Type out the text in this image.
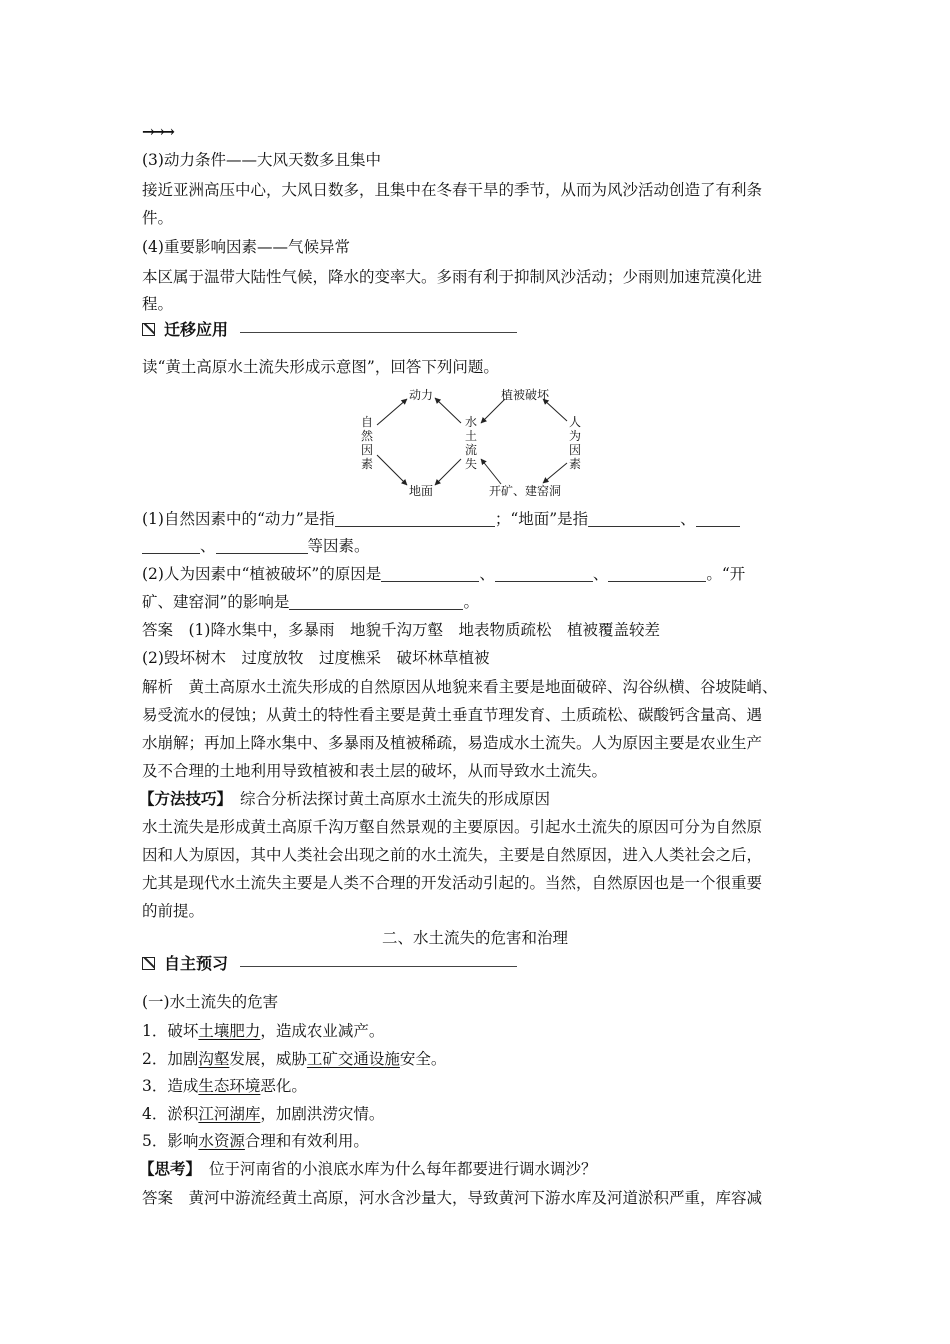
→→→
(3)动力条件——大风天数多且集中
接近亚洲高压中心，大风日数多，且集中在冬春干旱的季节，从而为风沙活动创造了有利条
件。
(4)重要影响因素——气候异常
本区属于温带大陆性气候，降水的变率大。多雨有利于抑制风沙活动；少雨则加速荒漠化进
程。
迁移应用
读“黄土高原水土流失形成示意图”，回答下列问题。
自
然
因
素
水
土
流
失
人
为
因
素
动力
地面
植被破坏
开矿、建窑洞
(1)自然因素中的“动力”是指	；“地面”是指	、
、	等因素。
(2)人为因素中“植被破坏”的原因是	、	、	。“开
矿、建窑洞”的影响是	。
答案　(1)降水集中，多暴雨　地貌千沟万壑　地表物质疏松　植被覆盖较差
(2)毁坏树木　过度放牧　过度樵采　破坏林草植被
解析　黄土高原水土流失形成的自然原因从地貌来看主要是地面破碎、沟谷纵横、谷坡陡峭、
易受流水的侵蚀；从黄土的特性看主要是黄土垂直节理发育、土质疏松、碳酸钙含量高、遇
水崩解；再加上降水集中、多暴雨及植被稀疏，易造成水土流失。人为原因主要是农业生产
及不合理的土地利用导致植被和表土层的破坏，从而导致水土流失。
【方法技巧】 综合分析法探讨黄土高原水土流失的形成原因
水土流失是形成黄土高原千沟万壑自然景观的主要原因。引起水土流失的原因可分为自然原
因和人为原因，其中人类社会出现之前的水土流失，主要是自然原因，进入人类社会之后，
尤其是现代水土流失主要是人类不合理的开发活动引起的。当然，自然原因也是一个很重要
的前提。
二、水土流失的危害和治理
自主预习
(一)水土流失的危害
1．破坏土壤肥力，造成农业减产。
2．加剧沟壑发展，威胁工矿交通设施安全。
3．造成生态环境恶化。
4．淤积江河湖库，加剧洪涝灾情。
5．影响水资源合理和有效利用。
【思考】 位于河南省的小浪底水库为什么每年都要进行调水调沙？
答案　黄河中游流经黄土高原，河水含沙量大，导致黄河下游水库及河道淤积严重，库容减
